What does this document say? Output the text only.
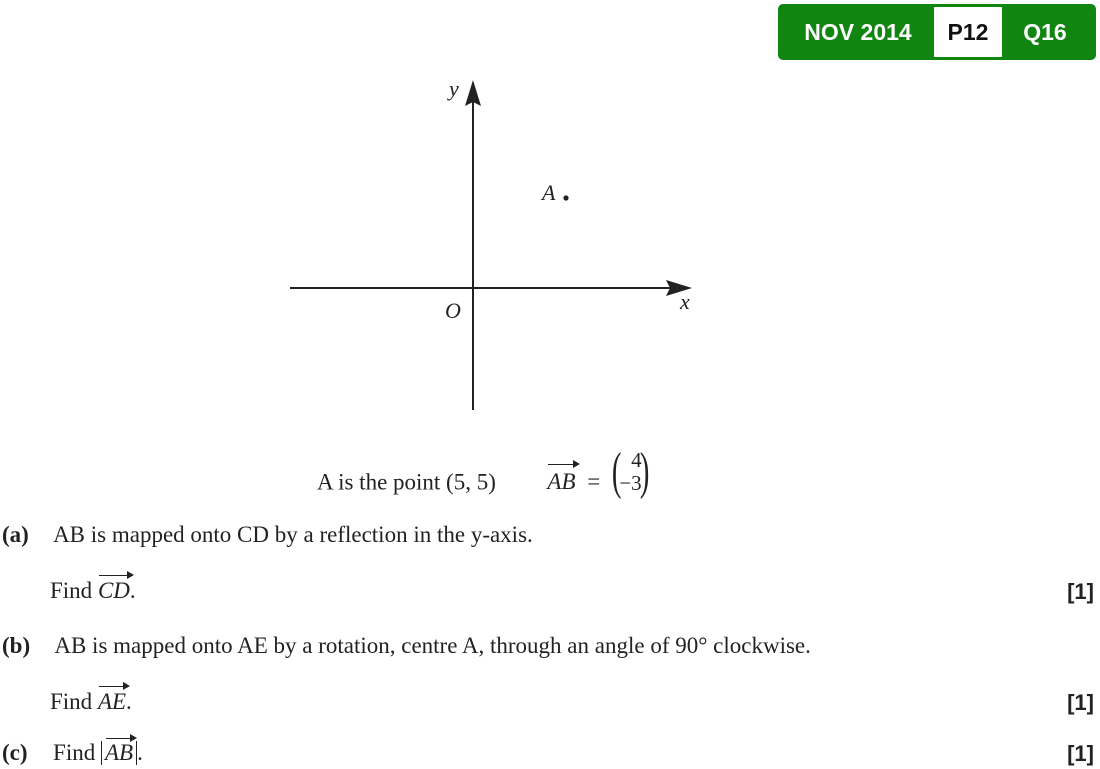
NOV 2014	P12	Q16
y
x
O
A
A is the point (5, 5) AB = ( 4
−3
)
(a) AB is mapped onto CD by a reflection in the y-axis.
Find CD.	[1]
(b) AB is mapped onto AE by a rotation, centre A, through an angle of 90° clockwise.
Find AE.	[1]
(c) Find AB .	[1]
